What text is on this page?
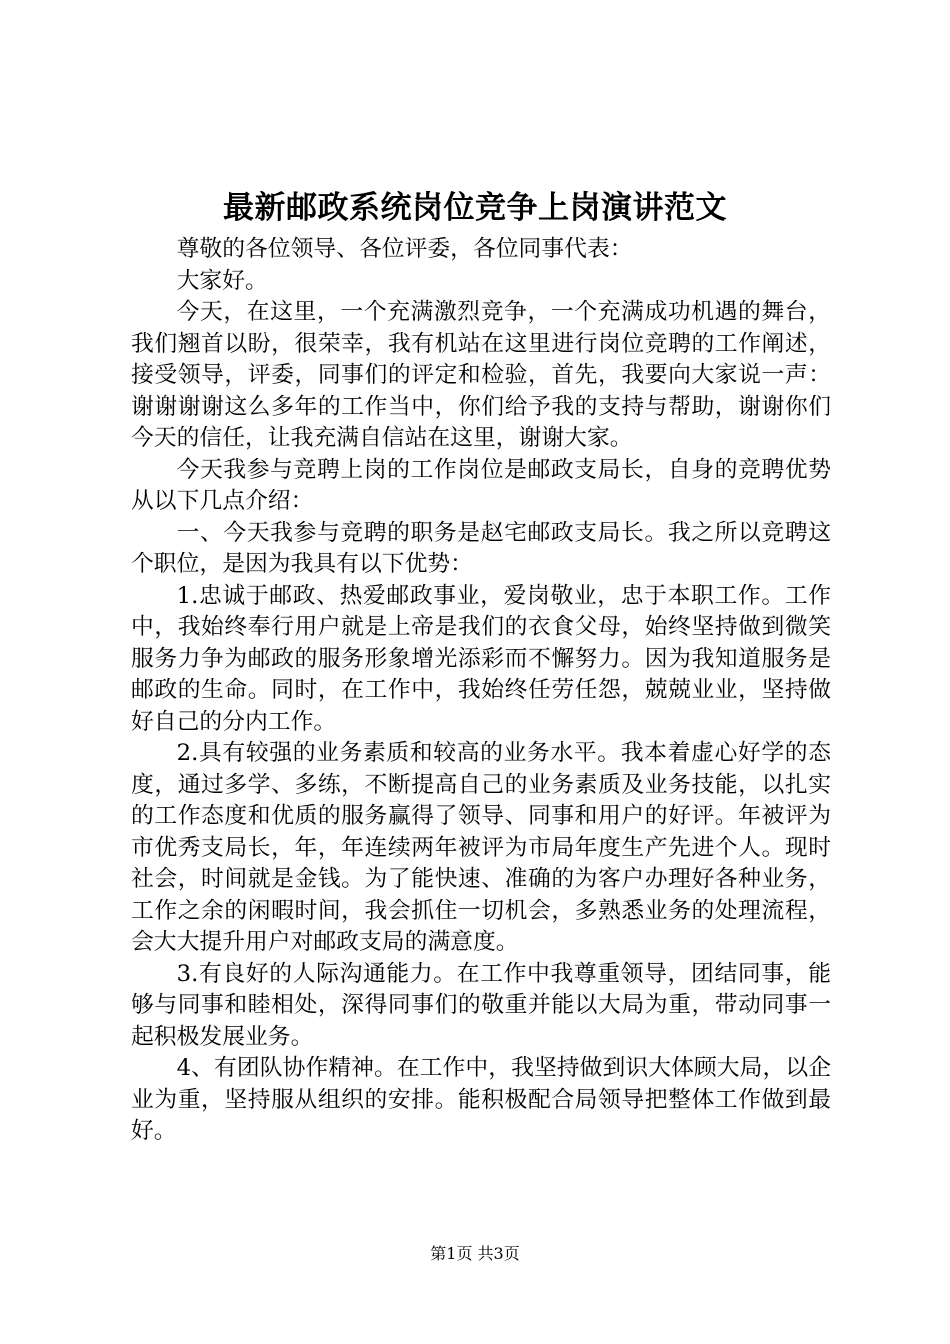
最新邮政系统岗位竞争上岗演讲范文

尊敬的各位领导、各位评委，各位同事代表：

大家好。

今天，在这里，一个充满激烈竞争，一个充满成功机遇的舞台，我们翘首以盼，很荣幸，我有机站在这里进行岗位竞聘的工作阐述，接受领导，评委，同事们的评定和检验，首先，我要向大家说一声：谢谢谢谢这么多年的工作当中，你们给予我的支持与帮助，谢谢你们今天的信任，让我充满自信站在这里，谢谢大家。

今天我参与竞聘上岗的工作岗位是邮政支局长，自身的竞聘优势从以下几点介绍：

一、今天我参与竞聘的职务是赵宅邮政支局长。我之所以竞聘这个职位，是因为我具有以下优势：

1.忠诚于邮政、热爱邮政事业，爱岗敬业，忠于本职工作。工作中，我始终奉行用户就是上帝是我们的衣食父母，始终坚持做到微笑服务力争为邮政的服务形象增光添彩而不懈努力。因为我知道服务是邮政的生命。同时，在工作中，我始终任劳任怨，兢兢业业，坚持做好自己的分内工作。

2.具有较强的业务素质和较高的业务水平。我本着虚心好学的态度，通过多学、多练，不断提高自己的业务素质及业务技能，以扎实的工作态度和优质的服务赢得了领导、同事和用户的好评。年被评为市优秀支局长，年，年连续两年被评为市局年度生产先进个人。现时社会，时间就是金钱。为了能快速、准确的为客户办理好各种业务，工作之余的闲暇时间，我会抓住一切机会，多熟悉业务的处理流程，会大大提升用户对邮政支局的满意度。

3.有良好的人际沟通能力。在工作中我尊重领导，团结同事，能够与同事和睦相处，深得同事们的敬重并能以大局为重，带动同事一起积极发展业务。

4、有团队协作精神。在工作中，我坚持做到识大体顾大局，以企业为重，坚持服从组织的安排。能积极配合局领导把整体工作做到最好。

第1页 共3页
